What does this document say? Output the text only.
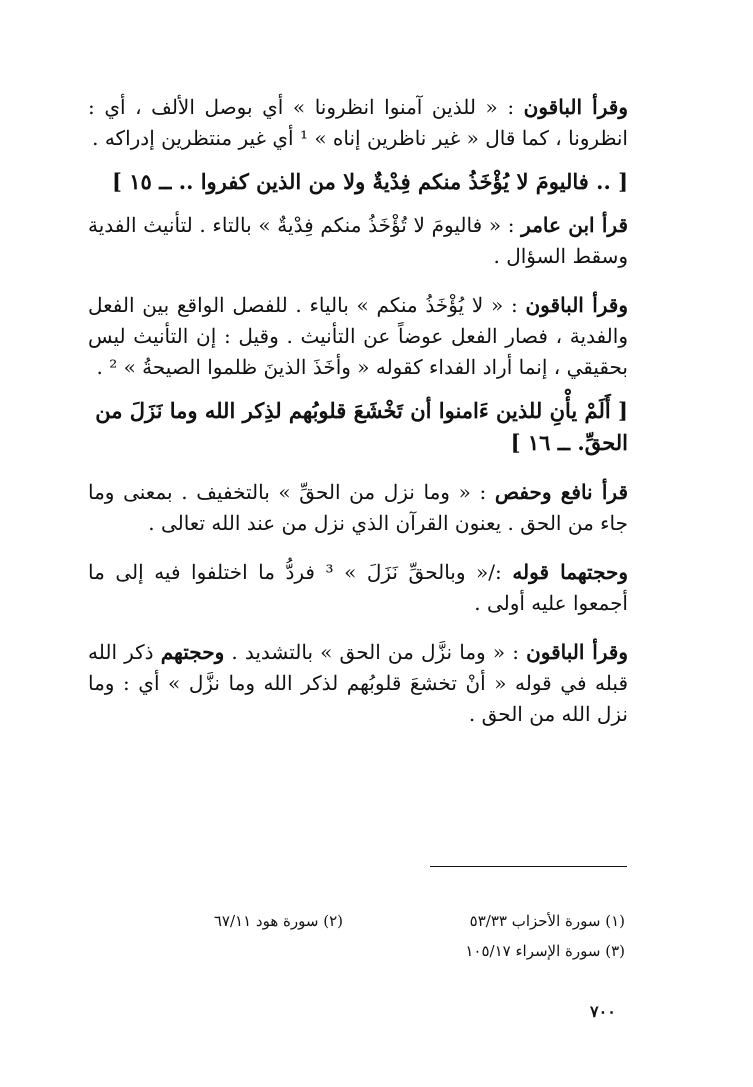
وقرأ الباقون : « للذين آمنوا انظرونا » أي بوصل الألف ، أي : انظرونا ، كما قال « غير ناظرين إناه » ¹ أي غير منتظرين إدراكه .

[ .. فاليومَ لا يُؤْخَذُ منكم فِدْيةٌ ولا من الذين كفروا .. ــ ١٥ ]

قرأ ابن عامر : « فاليومَ لا تُؤْخَذُ منكم فِدْيةٌ » بالتاء . لتأنيث الفدية وسقط السؤال .

وقرأ الباقون : « لا يُؤْخَذُ منكم » بالياء . للفصل الواقع بين الفعل والفدية ، فصار الفعل عوضاً عن التأنيث . وقيل : إن التأنيث ليس بحقيقي ، إنما أراد الفداء كقوله « وأخَذَ الذينَ ظلموا الصيحةُ » ² .

[ أَلَمْ يأْنِ للذين ءَامنوا أن تَخْشَعَ قلوبُهم لذِكر الله وما نَزَلَ من الحقِّ. ــ ١٦ ]

قرأ نافع وحفص : « وما نزل من الحقِّ » بالتخفيف . بمعنى وما جاء من الحق . يعنون القرآن الذي نزل من عند الله تعالى .

وحجتهما قوله :/« وبالحقِّ نَزَلَ » ³ فردُّ ما اختلفوا فيه إلى ما أجمعوا عليه أولى .

وقرأ الباقون : « وما نزَّل من الحق » بالتشديد . وحجتهم ذكر الله قبله في قوله « أنْ تخشعَ قلوبُهم لذكر الله وما نزَّل » أي : وما نزل الله من الحق .

(١) سورة الأحزاب ٥٣/٣٣
(٢) سورة هود ٦٧/١١
(٣) سورة الإسراء ١٠٥/١٧
٧٠٠
